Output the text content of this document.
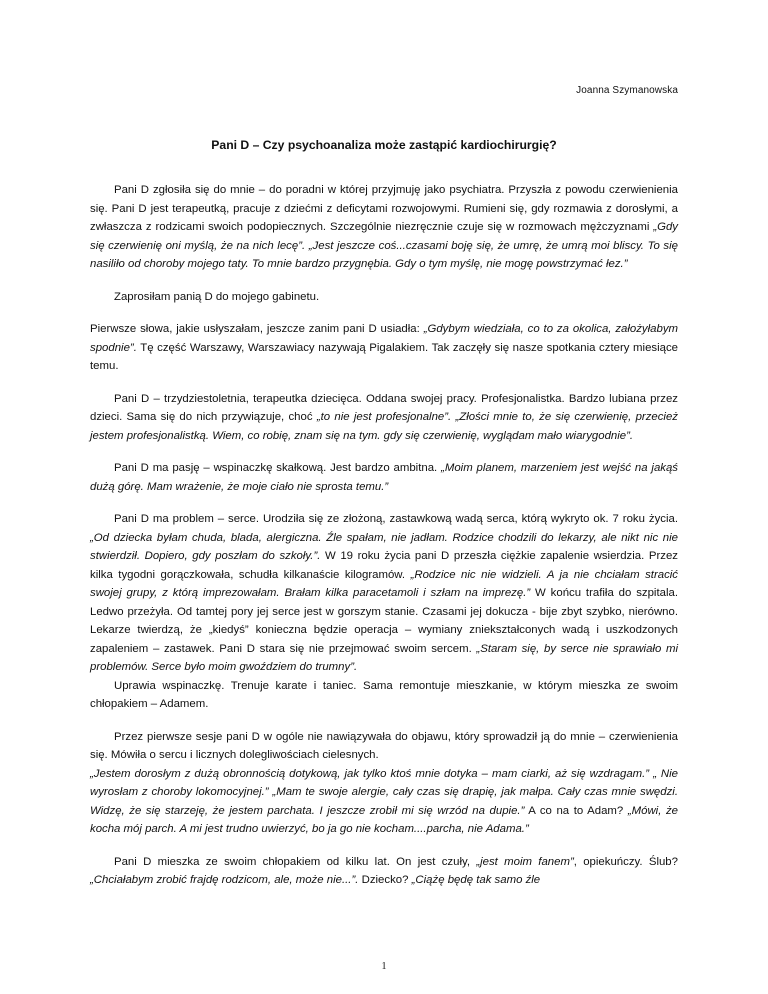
Joanna Szymanowska
Pani D – Czy psychoanaliza może zastąpić kardiochirurgię?

Pani D zgłosiła się do mnie – do poradni w której przyjmuję jako psychiatra. Przyszła z powodu czerwienienia się. Pani D jest terapeutką, pracuje z dziećmi z deficytami rozwojowymi. Rumieni się, gdy rozmawia z dorosłymi, a zwłaszcza z rodzicami swoich podopiecznych. Szczególnie niezręcznie czuje się w rozmowach mężczyznami „Gdy się czerwienię oni myślą, że na nich lecę”. „Jest jeszcze coś...czasami boję się, że umrę, że umrą moi bliscy. To się nasiliło od choroby mojego taty. To mnie bardzo przygnębia. Gdy o tym myślę, nie mogę powstrzymać łez.”

Zaprosiłam panią D do mojego gabinetu.

Pierwsze słowa, jakie usłyszałam, jeszcze zanim pani D usiadła: „Gdybym wiedziała, co to za okolica, założyłabym spodnie”. Tę część Warszawy, Warszawiacy nazywają Pigalakiem. Tak zaczęły się nasze spotkania cztery miesiące temu.

Pani D – trzydziestoletnia, terapeutka dziecięca. Oddana swojej pracy. Profesjonalistka. Bardzo lubiana przez dzieci. Sama się do nich przywiązuje, choć „to nie jest profesjonalne”. „Złości mnie to, że się czerwienię, przecież jestem profesjonalistką. Wiem, co robię, znam się na tym. gdy się czerwienię, wyglądam mało wiarygodnie”.

Pani D ma pasję – wspinaczkę skałkową. Jest bardzo ambitna. „Moim planem, marzeniem jest wejść na jakąś dużą górę. Mam wrażenie, że moje ciało nie sprosta temu.”

Pani D ma problem – serce. Urodziła się ze złożoną, zastawkową wadą serca, którą wykryto ok. 7 roku życia. „Od dziecka byłam chuda, blada, alergiczna. Źle spałam, nie jadłam. Rodzice chodzili do lekarzy, ale nikt nic nie stwierdził. Dopiero, gdy poszłam do szkoły.”. W 19 roku życia pani D przeszła ciężkie zapalenie wsierdzia. Przez kilka tygodni gorączkowała, schudła kilkanaście kilogramów. „Rodzice nic nie widzieli. A ja nie chciałam stracić swojej grupy, z którą imprezowałam. Brałam kilka paracetamoli i szłam na imprezę.” W końcu trafiła do szpitala. Ledwo przeżyła. Od tamtej pory jej serce jest w gorszym stanie. Czasami jej dokucza - bije zbyt szybko, nierówno. Lekarze twierdzą, że „kiedyś” konieczna będzie operacja – wymiany zniekształconych wadą i uszkodzonych zapaleniem – zastawek. Pani D stara się nie przejmować swoim sercem. „Staram się, by serce nie sprawiało mi problemów. Serce było moim gwoździem do trumny”.

Uprawia wspinaczkę. Trenuje karate i taniec. Sama remontuje mieszkanie, w którym mieszka ze swoim chłopakiem – Adamem.

Przez pierwsze sesje pani D w ogóle nie nawiązywała do objawu, który sprowadził ją do mnie – czerwienienia się. Mówiła o sercu i licznych dolegliwościach cielesnych.

„Jestem dorosłym z dużą obronnością dotykową, jak tylko ktoś mnie dotyka – mam ciarki, aż się wzdragam.” „ Nie wyrosłam z choroby lokomocyjnej.” „Mam te swoje alergie, cały czas się drapię, jak małpa. Cały czas mnie swędzi. Widzę, że się starzeję, że jestem parchata. I jeszcze zrobił mi się wrzód na dupie.” A co na to Adam? „Mówi, że kocha mój parch. A mi jest trudno uwierzyć, bo ja go nie kocham....parcha, nie Adama.”

Pani D mieszka ze swoim chłopakiem od kilku lat. On jest czuły, „jest moim fanem”, opiekuńczy. Ślub? „Chciałabym zrobić frajdę rodzicom, ale, może nie...”. Dziecko? „Ciążę będę tak samo źle

1
